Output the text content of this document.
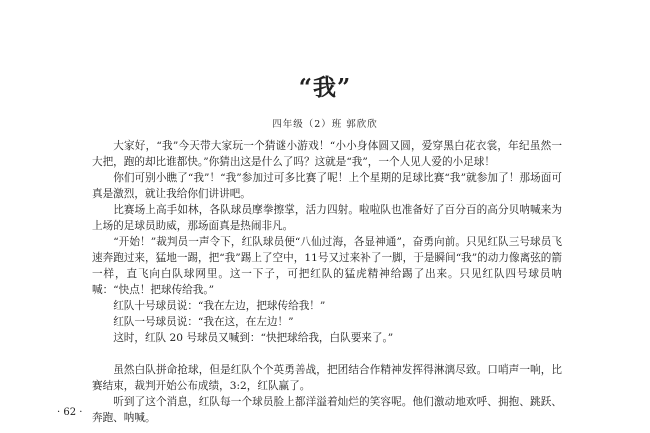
“我”
四年级（2）班 郭欣欣

大家好，“我”今天带大家玩一个猜谜小游戏！“小小身体圆又圆，爱穿黑白花衣裳，年纪虽然一大把，跑的却比谁都快。”你猜出这是什么了吗？这就是“我”，一个人见人爱的小足球！

你们可别小瞧了“我”！“我”参加过可多比赛了呢！上个星期的足球比赛“我”就参加了！那场面可真是激烈，就让我给你们讲讲吧。

比赛场上高手如林，各队球员摩拳擦掌，活力四射。啦啦队也准备好了百分百的高分贝呐喊来为上场的足球员助威，那场面真是热闹非凡。

“开始！”裁判员一声令下，红队球员便“八仙过海，各显神通”，奋勇向前。只见红队三号球员飞速奔跑过来，猛地一踢，把“我”踢上了空中，11号又过来补了一脚，于是瞬间“我”的动力像离弦的箭一样，直飞向白队球网里。这一下子，可把红队的猛虎精神给踢了出来。只见红队四号球员呐喊：“快点！把球传给我。”

红队十号球员说：“我在左边，把球传给我！”

红队一号球员说：“我在这，在左边！”

这时，红队 20 号球员又喊到：“快把球给我，白队要来了。”

虽然白队拼命抢球，但是红队个个英勇善战，把团结合作精神发挥得淋漓尽致。口哨声一响，比赛结束，裁判开始公布成绩，3:2，红队赢了。

听到了这个消息，红队每一个球员脸上都洋溢着灿烂的笑容呢。他们激动地欢呼、拥抱、跳跃、奔跑、呐喊。

· 62 ·
